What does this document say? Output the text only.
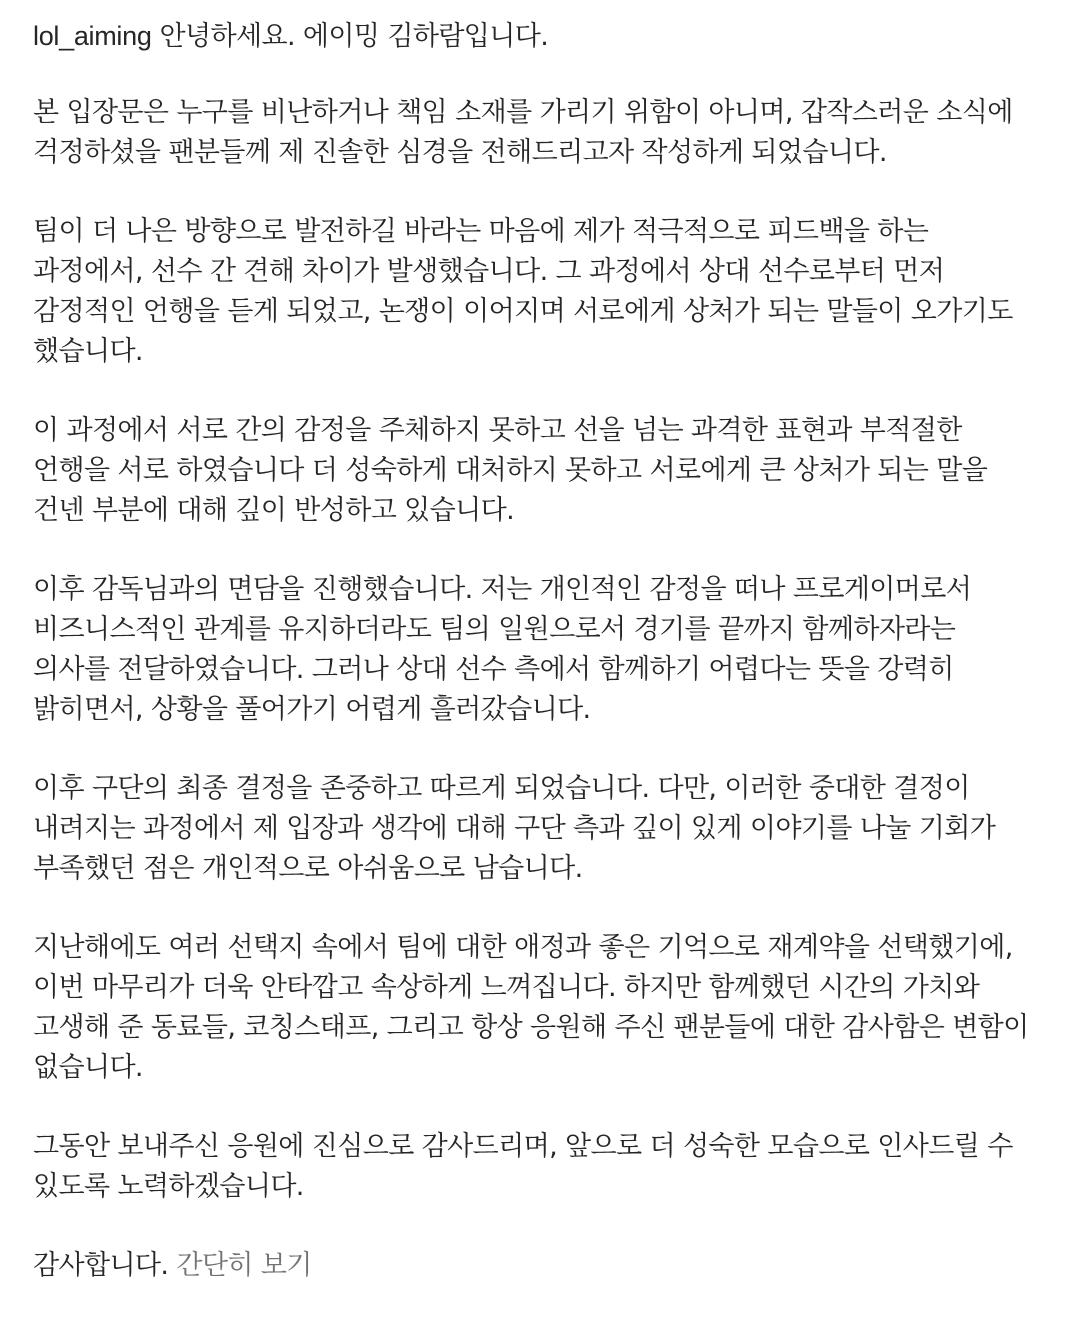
lol_aiming 안녕하세요. 에이밍 김하람입니다.

본 입장문은 누구를 비난하거나 책임 소재를 가리기 위함이 아니며, 갑작스러운 소식에
걱정하셨을 팬분들께 제 진솔한 심경을 전해드리고자 작성하게 되었습니다.

팀이 더 나은 방향으로 발전하길 바라는 마음에 제가 적극적으로 피드백을 하는
과정에서, 선수 간 견해 차이가 발생했습니다. 그 과정에서 상대 선수로부터 먼저
감정적인 언행을 듣게 되었고, 논쟁이 이어지며 서로에게 상처가 되는 말들이 오가기도
했습니다.

이 과정에서 서로 간의 감정을 주체하지 못하고 선을 넘는 과격한 표현과 부적절한
언행을 서로 하였습니다 더 성숙하게 대처하지 못하고 서로에게 큰 상처가 되는 말을
건넨 부분에 대해 깊이 반성하고 있습니다.

이후 감독님과의 면담을 진행했습니다. 저는 개인적인 감정을 떠나 프로게이머로서
비즈니스적인 관계를 유지하더라도 팀의 일원으로서 경기를 끝까지 함께하자라는
의사를 전달하였습니다. 그러나 상대 선수 측에서 함께하기 어렵다는 뜻을 강력히
밝히면서, 상황을 풀어가기 어렵게 흘러갔습니다.

이후 구단의 최종 결정을 존중하고 따르게 되었습니다. 다만, 이러한 중대한 결정이
내려지는 과정에서 제 입장과 생각에 대해 구단 측과 깊이 있게 이야기를 나눌 기회가
부족했던 점은 개인적으로 아쉬움으로 남습니다.

지난해에도 여러 선택지 속에서 팀에 대한 애정과 좋은 기억으로 재계약을 선택했기에,
이번 마무리가 더욱 안타깝고 속상하게 느껴집니다. 하지만 함께했던 시간의 가치와
고생해 준 동료들, 코칭스태프, 그리고 항상 응원해 주신 팬분들에 대한 감사함은 변함이
없습니다.

그동안 보내주신 응원에 진심으로 감사드리며, 앞으로 더 성숙한 모습으로 인사드릴 수
있도록 노력하겠습니다.

감사합니다. 간단히 보기
